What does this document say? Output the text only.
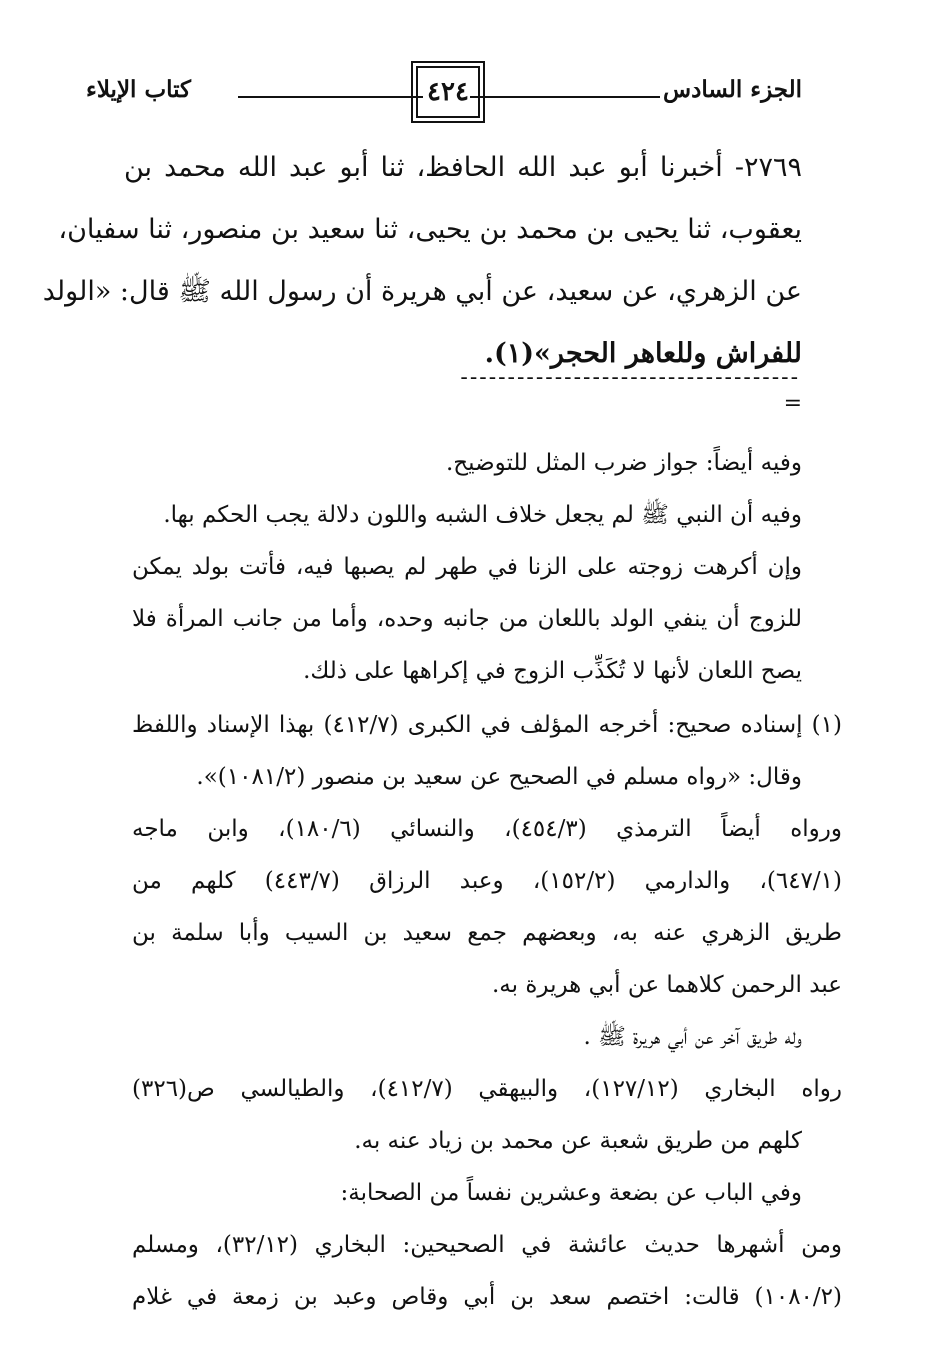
الجزء السادس
٤٢٤
كتاب الإيلاء
٢٧٦٩- أخبرنا أبو عبد الله الحافظ، ثنا أبو عبد الله محمد بن
يعقوب، ثنا يحيى بن محمد بن يحيى، ثنا سعيد بن منصور، ثنا سفيان،
عن الزهري، عن سعيد، عن أبي هريرة أن رسول الله ﷺ قال: «الولد
للفراش وللعاهر الحجر»(١).
------------------------------------
=
وفيه أيضاً: جواز ضرب المثل للتوضيح.
وفيه أن النبي ﷺ لم يجعل خلاف الشبه واللون دلالة يجب الحكم بها.
وإن أكرهت زوجته على الزنا في طهر لم يصبها فيه، فأتت بولد يمكن
للزوج أن ينفي الولد باللعان من جانبه وحده، وأما من جانب المرأة فلا
يصح اللعان لأنها لا تُكَذِّب الزوج في إكراهها على ذلك.
(١) إسناده صحيح: أخرجه المؤلف في الكبرى (٤١٢/٧) بهذا الإسناد واللفظ
وقال: «رواه مسلم في الصحيح عن سعيد بن منصور (١٠٨١/٢)».
ورواه أيضاً الترمذي (٤٥٤/٣)، والنسائي (١٨٠/٦)، وابن ماجه
(٦٤٧/١)، والدارمي (١٥٢/٢)، وعبد الرزاق (٤٤٣/٧) كلهم من
طريق الزهري عنه به، وبعضهم جمع سعيد بن السيب وأبا سلمة بن
عبد الرحمن كلاهما عن أبي هريرة به.
وله طريق آخر عن أبي هريرة ﷺ .
رواه البخاري (١٢٧/١٢)، والبيهقي (٤١٢/٧)، والطيالسي ص(٣٢٦)
كلهم من طريق شعبة عن محمد بن زياد عنه به.
وفي الباب عن بضعة وعشرين نفساً من الصحابة:
ومن أشهرها حديث عائشة في الصحيحين: البخاري (٣٢/١٢)، ومسلم
(١٠٨٠/٢) قالت: اختصم سعد بن أبي وقاص وعبد بن زمعة في غلام
